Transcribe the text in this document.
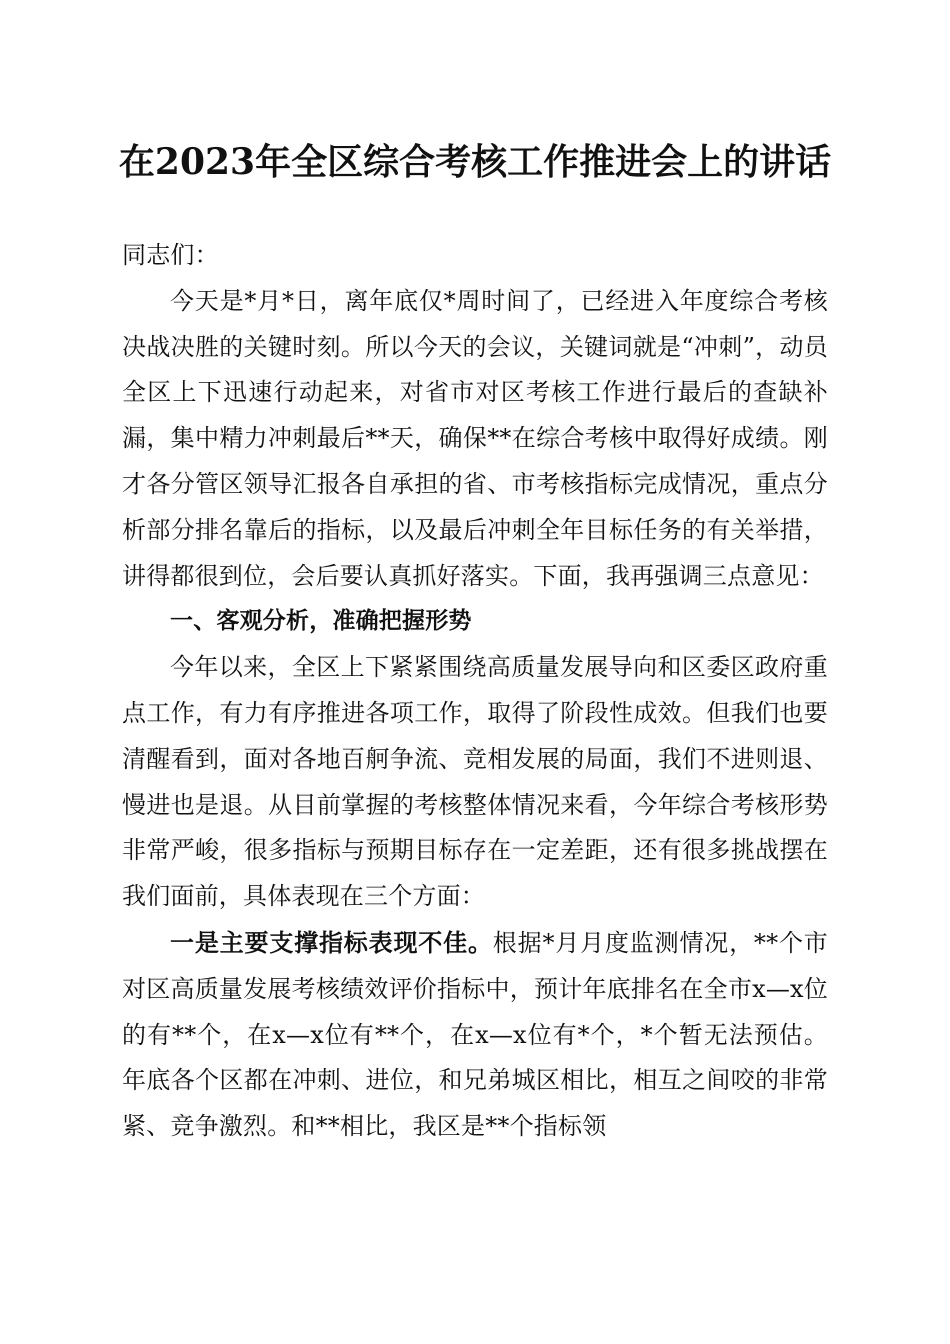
在2023年全区综合考核工作推进会上的讲话

同志们：

今天是*月*日，离年底仅*周时间了，已经进入年度综合考核决战决胜的关键时刻。所以今天的会议，关键词就是“冲刺”，动员全区上下迅速行动起来，对省市对区考核工作进行最后的查缺补漏，集中精力冲刺最后**天，确保**在综合考核中取得好成绩。刚才各分管区领导汇报各自承担的省、市考核指标完成情况，重点分析部分排名靠后的指标，以及最后冲刺全年目标任务的有关举措，讲得都很到位，会后要认真抓好落实。下面，我再强调三点意见：

一、客观分析，准确把握形势

今年以来，全区上下紧紧围绕高质量发展导向和区委区政府重点工作，有力有序推进各项工作，取得了阶段性成效。但我们也要清醒看到，面对各地百舸争流、竞相发展的局面，我们不进则退、慢进也是退。从目前掌握的考核整体情况来看，今年综合考核形势非常严峻，很多指标与预期目标存在一定差距，还有很多挑战摆在我们面前，具体表现在三个方面：

一是主要支撑指标表现不佳。根据*月月度监测情况，**个市对区高质量发展考核绩效评价指标中，预计年底排名在全市x—x位的有**个，在x—x位有**个，在x—x位有*个，*个暂无法预估。年底各个区都在冲刺、进位，和兄弟城区相比，相互之间咬的非常紧、竞争激烈。和**相比，我区是**个指标领
